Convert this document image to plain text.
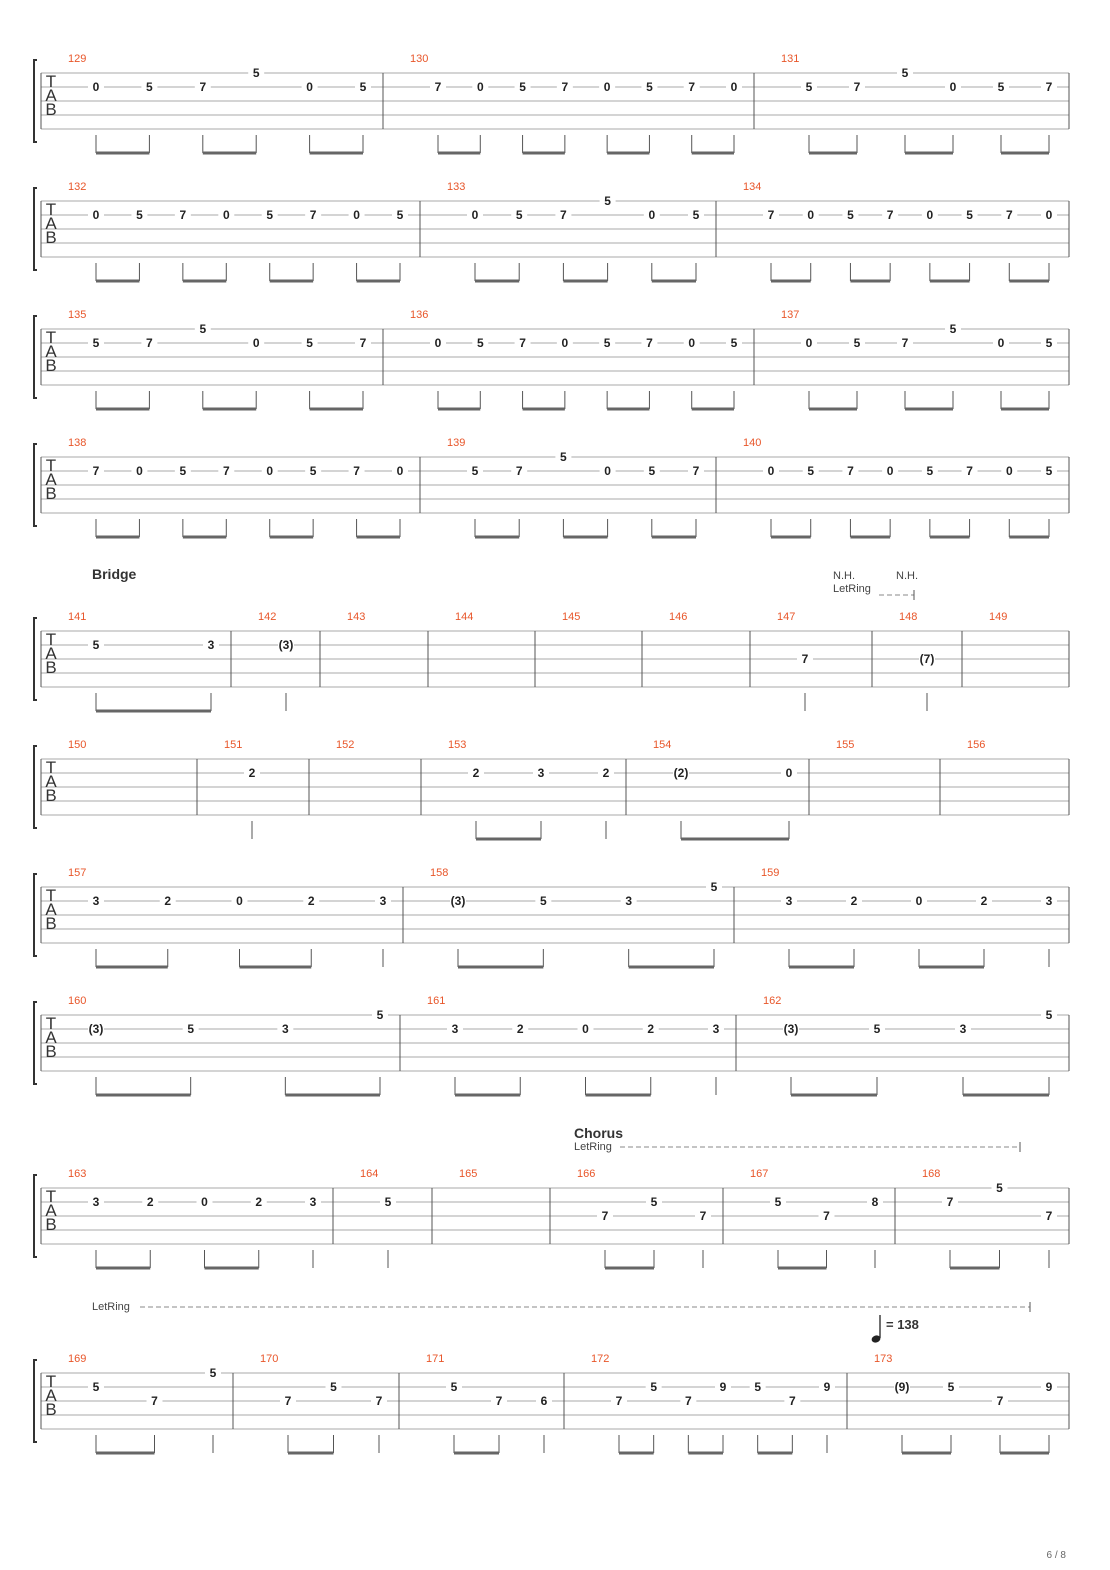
T
A
B
129
0	5	7
5
0	5
130
7	0	5	7	0	5	7	0
131
5	7
5
0	5	7
T
A
B
132
0	5	7	0	5	7	0	5
133
0	5	7
5
0	5
134
7	0	5	7	0	5	7	0
T
A
B
135
5	7
5
0	5	7
136
0	5	7	0	5	7	0	5
137
0	5	7
5
0	5
T
A
B
138
7	0	5	7	0	5	7	0
139
5	7
5
0	5	7
140
0	5	7	0	5	7	0	5
T
A
B
141
5	3
142
(3)
143	144	145	146	147
7
148
(7)
149
T
A
B
150	151
2
152	153
2	3	2
154
(2)	0
155	156
T
A
B
157
3	2	0	2	3
158
(3)	5	3
5
159
3	2	0	2	3
T
A
B
160
(3)	5	3
5
161
3	2	0	2	3
162
(3)	5	3
5
T
A
B
163
3	2	0	2	3
164
5
165	166
7
5
7
167
5
7
8
168
7
5
7
T
A
B
169
5
7
5
170
7
5
7
171
5
7	6
172
7
5
7
9 5
7
9
173
(9)	5
7
9
Bridge
Chorus
N.H.
LetRing
N.H.
LetRing
LetRing
= 138
6 / 8
